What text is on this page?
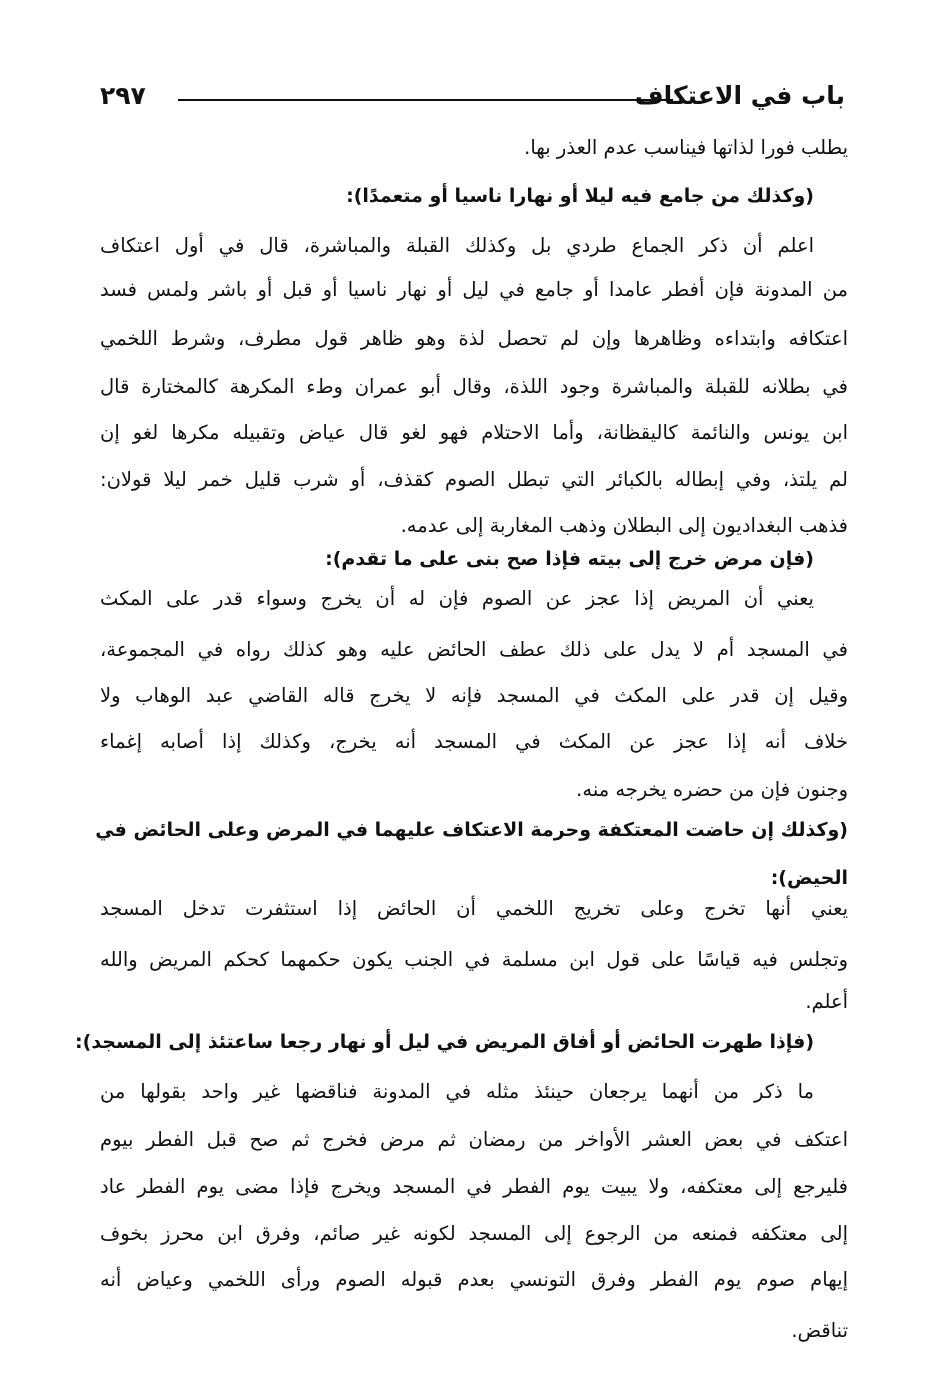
باب في الاعتكاف
٢٩٧
يطلب فورا لذاتها فيناسب عدم العذر بها.
(وكذلك من جامع فيه ليلا أو نهارا ناسيا أو متعمدًا):
اعلم أن ذكر الجماع طردي بل وكذلك القبلة والمباشرة، قال في أول اعتكاف
من المدونة فإن أفطر عامدا أو جامع في ليل أو نهار ناسيا أو قبل أو باشر ولمس فسد
اعتكافه وابتداءه وظاهرها وإن لم تحصل لذة وهو ظاهر قول مطرف، وشرط اللخمي
في بطلانه للقبلة والمباشرة وجود اللذة، وقال أبو عمران وطء المكرهة كالمختارة قال
ابن يونس والنائمة كاليقظانة، وأما الاحتلام فهو لغو قال عياض وتقبيله مكرها لغو إن
لم يلتذ، وفي إبطاله بالكبائر التي تبطل الصوم كقذف، أو شرب قليل خمر ليلا قولان:
فذهب البغداديون إلى البطلان وذهب المغاربة إلى عدمه.
(فإن مرض خرج إلى بيته فإذا صح بنى على ما تقدم):
يعني أن المريض إذا عجز عن الصوم فإن له أن يخرج وسواء قدر على المكث
في المسجد أم لا يدل على ذلك عطف الحائض عليه وهو كذلك رواه في المجموعة،
وقيل إن قدر على المكث في المسجد فإنه لا يخرج قاله القاضي عبد الوهاب ولا
خلاف أنه إذا عجز عن المكث في المسجد أنه يخرج، وكذلك إذا أصابه إغماء
وجنون فإن من حضره يخرجه منه.
(وكذلك إن حاضت المعتكفة وحرمة الاعتكاف عليهما في المرض وعلى الحائض في
الحيض):
يعني أنها تخرج وعلى تخريج اللخمي أن الحائض إذا استثفرت تدخل المسجد
وتجلس فيه قياسًا على قول ابن مسلمة في الجنب يكون حكمهما كحكم المريض والله
أعلم.
(فإذا طهرت الحائض أو أفاق المريض في ليل أو نهار رجعا ساعتئذ إلى المسجد):
ما ذكر من أنهما يرجعان حينئذ مثله في المدونة فناقضها غير واحد بقولها من
اعتكف في بعض العشر الأواخر من رمضان ثم مرض فخرج ثم صح قبل الفطر بيوم
فليرجع إلى معتكفه، ولا يبيت يوم الفطر في المسجد ويخرج فإذا مضى يوم الفطر عاد
إلى معتكفه فمنعه من الرجوع إلى المسجد لكونه غير صائم، وفرق ابن محرز بخوف
إيهام صوم يوم الفطر وفرق التونسي بعدم قبوله الصوم ورأى اللخمي وعياض أنه
تناقض.
